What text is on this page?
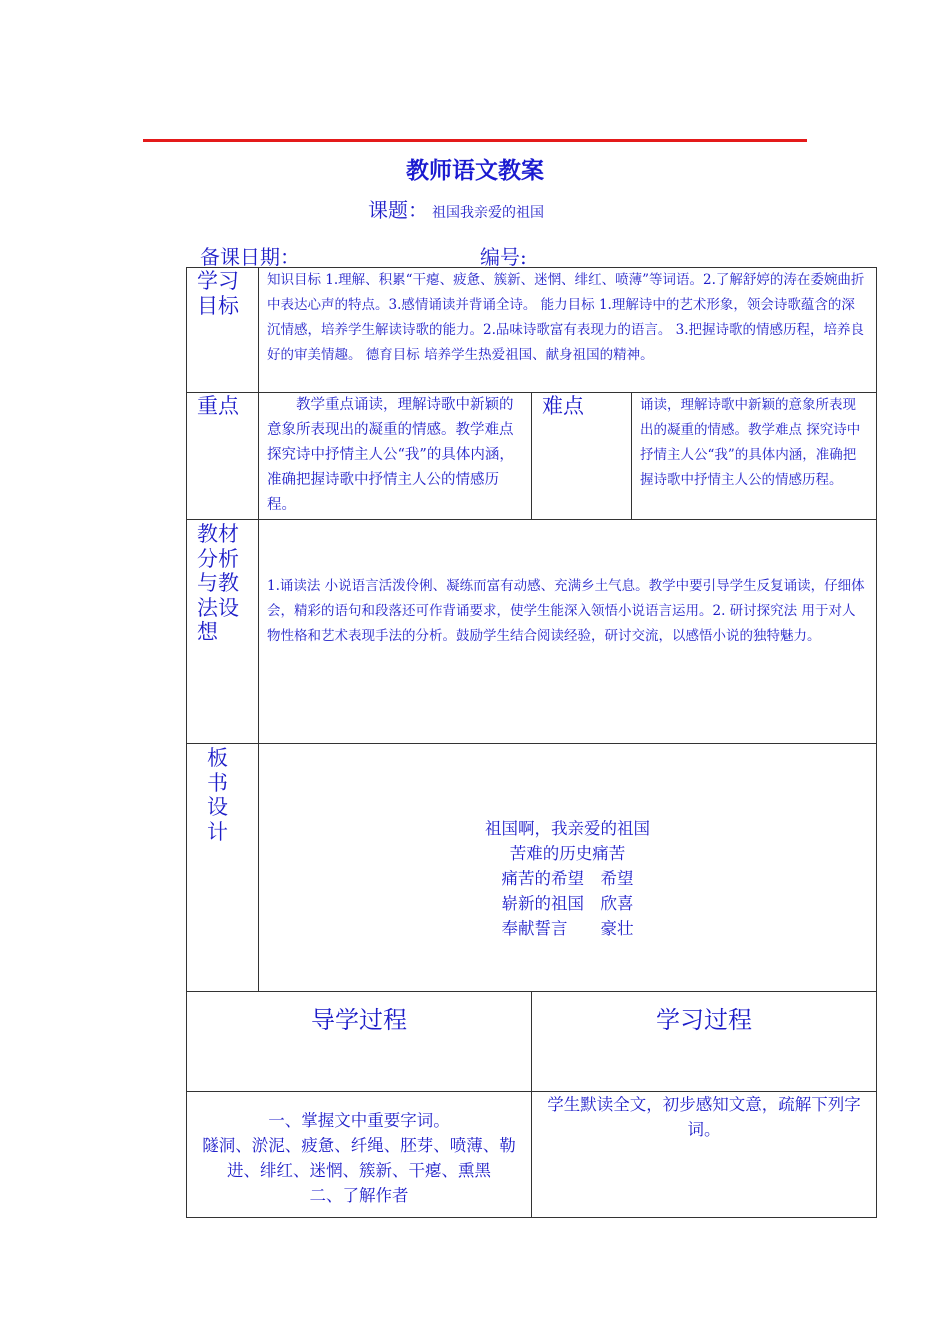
教师语文教案
课题： 祖国我亲爱的祖国
备课日期：	编号:
学习目标	知识目标 1.理解、积累“干瘪、疲惫、簇新、迷惘、绯红、喷薄”等词语。2.了解舒婷的涛在委婉曲折中表达心声的特点。3.感情诵读并背诵全诗。 能力目标 1.理解诗中的艺术形象，领会诗歌蕴含的深沉情感，培养学生解读诗歌的能力。2.品味诗歌富有表现力的语言。 3.把握诗歌的情感历程，培养良好的审美情趣。 德育目标 培养学生热爱祖国、献身祖国的精神。		
重点	　　教学重点诵读，理解诗歌中新颖的意象所表现出的凝重的情感。教学难点 探究诗中抒情主人公“我”的具体内涵，准确把握诗歌中抒情主人公的情感历程。	难点	诵读，理解诗歌中新颖的意象所表现出的凝重的情感。教学难点 探究诗中抒情主人公“我”的具体内涵，准确把握诗歌中抒情主人公的情感历程。
教材分析与教法设想	1.诵读法 小说语言活泼伶俐、凝练而富有动感、充满乡土气息。教学中要引导学生反复诵读，仔细体会，精彩的语句和段落还可作背诵要求，使学生能深入领悟小说语言运用。2. 研讨探究法 用于对人物性格和艺术表现手法的分析。鼓励学生结合阅读经验，研讨交流，以感悟小说的独特魅力。		
板书设计	祖国啊，我亲爱的祖国
苦难的历史痛苦
痛苦的希望　希望
崭新的祖国　欣喜
奉献誓言　　豪壮		

导学过程		学习过程	

一、掌握文中重要字词。
隧洞、淤泥、疲惫、纤绳、胚芽、喷薄、勒进、绯红、迷惘、簇新、干瘪、熏黑
二、了解作者		学生默读全文，初步感知文意，疏解下列字词。	
